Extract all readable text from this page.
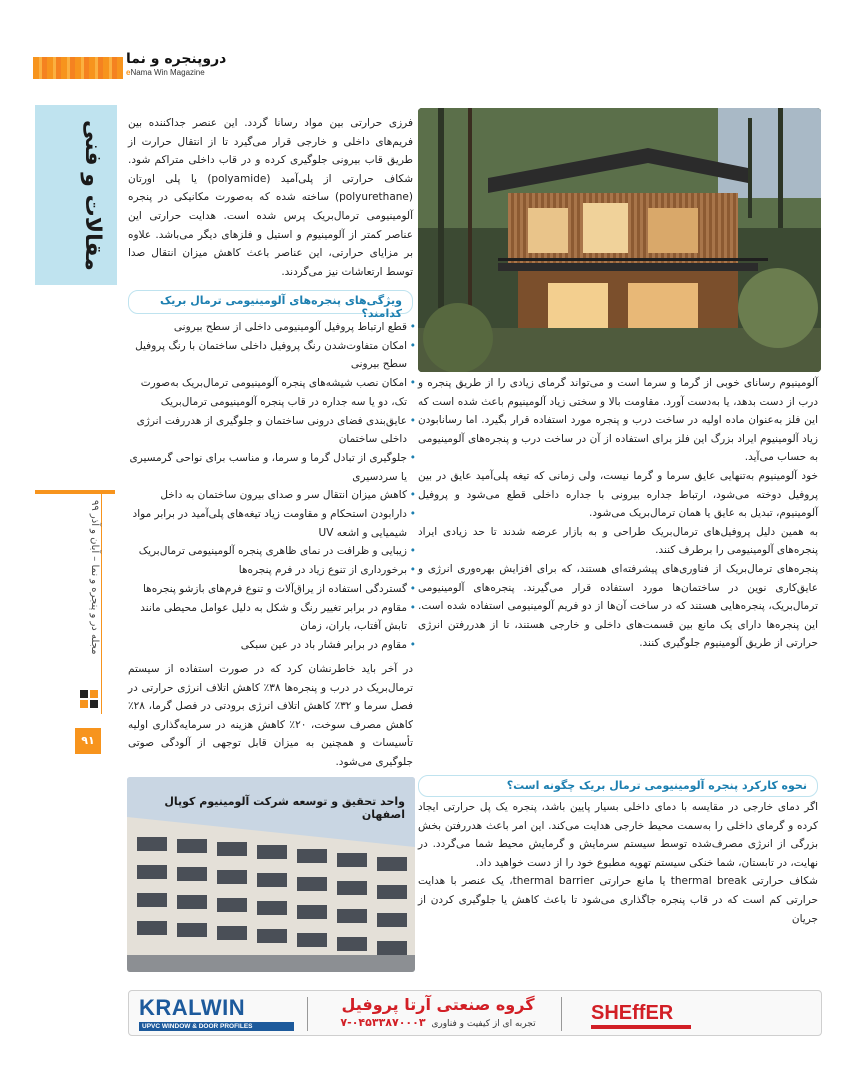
دروپنجره و نما
eNama Win Magazine
مقالات و فنی
مجله در و پنجره و نما – آبان و آذر ۹۹
۹۱

فرزی حرارتی بین مواد رسانا گردد. این عنصر جداکننده بین فریم‌های داخلی و خارجی قرار می‌گیرد تا از انتقال حرارت از طریق قاب بیرونی جلوگیری کرده و در قاب داخلی متراکم شود. شکاف حرارتی از پلی‌آمید (polyamide) یا پلی اورتان (polyurethane) ساخته شده که به‌صورت مکانیکی در پنجره آلومینیومی ترمال‌بریک پرس شده است. هدایت حرارتی این عناصر کمتر از آلومینیوم و استیل و فلزهای دیگر می‌باشد. علاوه بر مزایای حرارتی، این عناصر باعث کاهش میزان انتقال صدا توسط ارتعاشات نیز می‌گردند.

ویژگی‌های پنجره‌های آلومینیومی ترمال بریک کدامند؟
• قطع ارتباط پروفیل آلومینیومی داخلی از سطح بیرونی
• امکان متفاوت‌شدن رنگ پروفیل داخلی ساختمان با رنگ پروفیل سطح بیرونی
• امکان نصب شیشه‌های پنجره آلومینیومی ترمال‌بریک به‌صورت تک، دو یا سه جداره در قاب پنجره آلومینیومی ترمال‌بریک
• عایق‌بندی فضای درونی ساختمان و جلوگیری از هدررفت انرژی داخلی ساختمان
• جلوگیری از تبادل گرما و سرما، و مناسب برای نواحی گرمسیری یا سردسیری
• کاهش میزان انتقال سر و صدای بیرون ساختمان به داخل
• دارابودن استحکام و مقاومت زیاد تیغه‌های پلی‌آمید در برابر مواد شیمیایی و اشعه UV
• زیبایی و ظرافت در نمای ظاهری پنجره آلومینیومی ترمال‌بریک
• برخورداری از تنوع زیاد در فرم پنجره‌ها
• گستردگی استفاده از یراق‌آلات و تنوع فرم‌های بازشو پنجره‌ها
• مقاوم در برابر تغییر رنگ و شکل به دلیل عوامل محیطی مانند تابش آفتاب، باران، زمان
• مقاوم در برابر فشار باد در عین سبکی

در آخر باید خاطرنشان کرد که در صورت استفاده از سیستم ترمال‌بریک در درب و پنجره‌ها ۳۸٪ کاهش اتلاف انرژی حرارتی در فصل سرما و ۳۲٪ کاهش اتلاف انرژی برودتی در فصل گرما، ۲۸٪ کاهش مصرف سوخت، ۲۰٪ کاهش هزینه در سرمایه‌گذاری اولیه تأسیسات و همچنین به میزان قابل توجهی از آلودگی صوتی جلوگیری می‌شود.

واحد تحقیق و توسعه شرکت آلومینیوم کوپال اصفهان

آلومینیوم رسانای خوبی از گرما و سرما است و می‌تواند گرمای زیادی را از طریق پنجره و درب از دست بدهد، یا به‌دست آورد. مقاومت بالا و سختی زیاد آلومینیوم باعث شده است که این فلز به‌عنوان ماده اولیه در ساخت درب و پنجره مورد استفاده قرار بگیرد. اما رسانابودن زیاد آلومینیوم ایراد بزرگ این فلز برای استفاده از آن در ساخت درب و پنجره‌های آلومینیومی به حساب می‌آید.

خود آلومینیوم به‌تنهایی عایق سرما و گرما نیست، ولی زمانی که تیغه پلی‌آمید عایق در بین پروفیل دوخته می‌شود، ارتباط جداره بیرونی با جداره داخلی قطع می‌شود و پروفیل آلومینیوم، تبدیل به عایق یا همان ترمال‌بریک می‌شود.

به همین دلیل پروفیل‌های ترمال‌بریک طراحی و به بازار عرضه شدند تا حد زیادی ایراد پنجره‌های آلومینیومی را برطرف کنند.

پنجره‌های ترمال‌بریک از فناوری‌های پیشرفته‌ای هستند، که برای افزایش بهره‌وری انرژی و عایق‌کاری نوین در ساختمان‌ها مورد استفاده قرار می‌گیرند. پنجره‌های آلومینیومی ترمال‌بریک، پنجره‌هایی هستند که در ساخت آن‌ها از دو فریم آلومینیومی استفاده شده است. این پنجره‌ها دارای یک مانع بین قسمت‌های داخلی و خارجی هستند، تا از هدررفتن انرژی حرارتی از طریق آلومینیوم جلوگیری کنند.

نحوه کارکرد پنجره آلومینیومی ترمال بریک چگونه است؟

اگر دمای خارجی در مقایسه با دمای داخلی بسیار پایین باشد، پنجره یک پل حرارتی ایجاد کرده و گرمای داخلی را به‌سمت محیط خارجی هدایت می‌کند. این امر باعث هدررفتن بخش بزرگی از انرژی مصرف‌شده توسط سیستم سرمایش و گرمایش محیط شما می‌گردد. در نهایت، در تابستان، شما خنکی سیستم تهویه مطبوع خود را از دست خواهید داد.

شکاف حرارتی thermal break یا مانع حرارتی thermal barrier، یک عنصر با هدایت حرارتی کم است که در قاب پنجره جاگذاری می‌شود تا باعث کاهش یا جلوگیری کردن از جریان

KRALWIN
UPVC WINDOW & DOOR PROFILES
گروه صنعتی آرتا پروفیل
تجربه ای از کیفیت و فناوری  ۰۴۵۳۳۸۷۰۰۰۳-۷	SHEffER
